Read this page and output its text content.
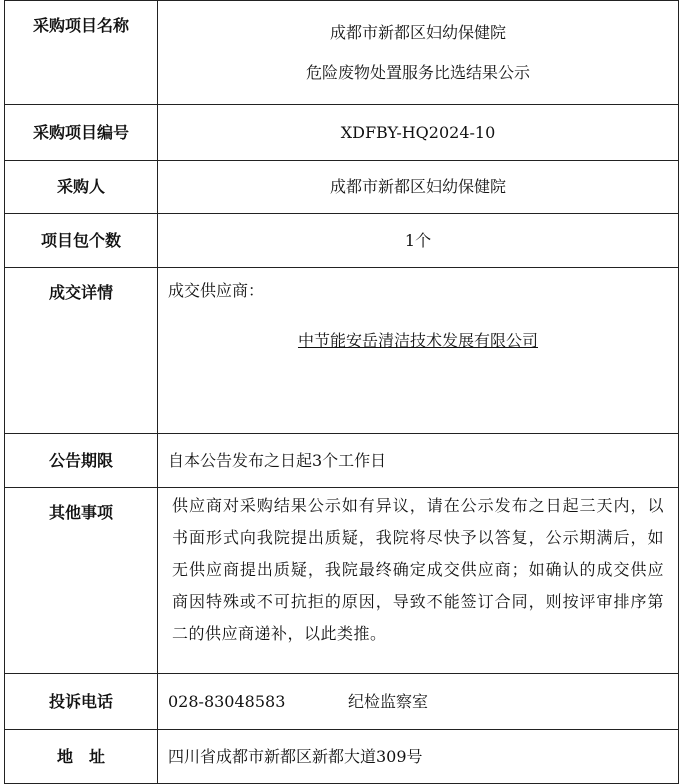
采购项目名称	成都市新都区妇幼保健院
危险废物处置服务比选结果公示

采购项目编号	XDFBY-HQ2024-10
采购人	成都市新都区妇幼保健院
项目包个数	1个
成交详情	成交供应商：
中节能安岳清洁技术发展有限公司

公告期限	自本公告发布之日起3个工作日
其他事项	供应商对采购结果公示如有异议，请在公示发布之日起三天内，以书面形式向我院提出质疑，我院将尽快予以答复，公示期满后，如无供应商提出质疑，我院最终确定成交供应商；如确认的成交供应商因特殊或不可抗拒的原因，导致不能签订合同，则按评审排序第二的供应商递补，以此类推。

投诉电话	028-83048583 纪检监察室
地　址	四川省成都市新都区新都大道309号
